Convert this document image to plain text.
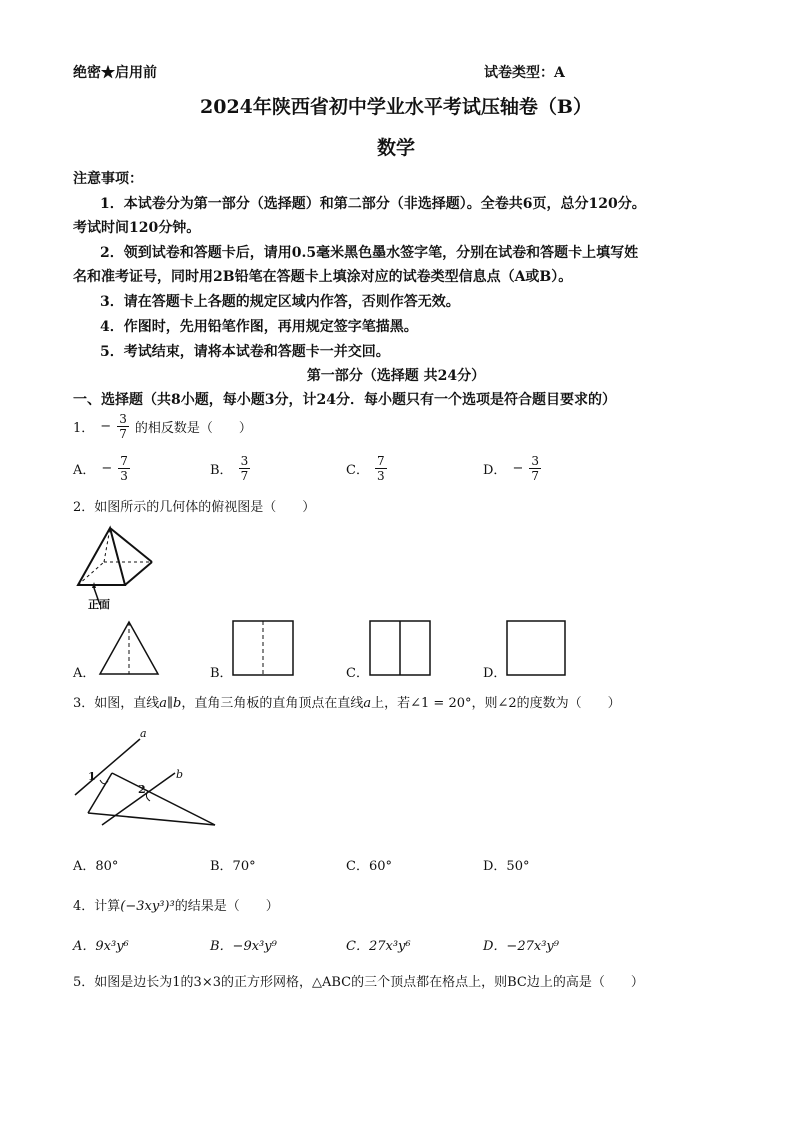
绝密★启用前	试卷类型：A
2024年陕西省初中学业水平考试压轴卷（B）
数学
注意事项：
1．本试卷分为第一部分（选择题）和第二部分（非选择题）。全卷共6页，总分120分。
考试时间120分钟。
2．领到试卷和答题卡后，请用0.5毫米黑色墨水签字笔，分别在试卷和答题卡上填写姓
名和准考证号，同时用2B铅笔在答题卡上填涂对应的试卷类型信息点（A或B）。
3．请在答题卡上各题的规定区域内作答，否则作答无效。
4．作图时，先用铅笔作图，再用规定签字笔描黑。
5．考试结束，请将本试卷和答题卡一并交回。
第一部分（选择题 共24分）
一、选择题（共8小题，每小题3分，计24分．每小题只有一个选项是符合题目要求的）
1． − $\frac{3}{7}$ 的相反数是（　　）
A． − $\frac{7}{3}$	B． $\frac{3}{7}$	C． $\frac{7}{3}$	D． − $\frac{3}{7}$
2．如图所示的几何体的俯视图是（　　）
正面
A．	B．	C．	D．
3．如图，直线a∥b，直角三角板的直角顶点在直线a上，若∠1 = 20°，则∠2的度数为（　　）
a
b
1
2
A．80°	B．70°	C．60°	D．50°
4．计算(−3xy³)³的结果是（　　）
A．9x³y⁶	B．−9x³y⁹	C．27x³y⁶	D．−27x³y⁹
5．如图是边长为1的3×3的正方形网格，△ABC的三个顶点都在格点上，则BC边上的高是（　　）
